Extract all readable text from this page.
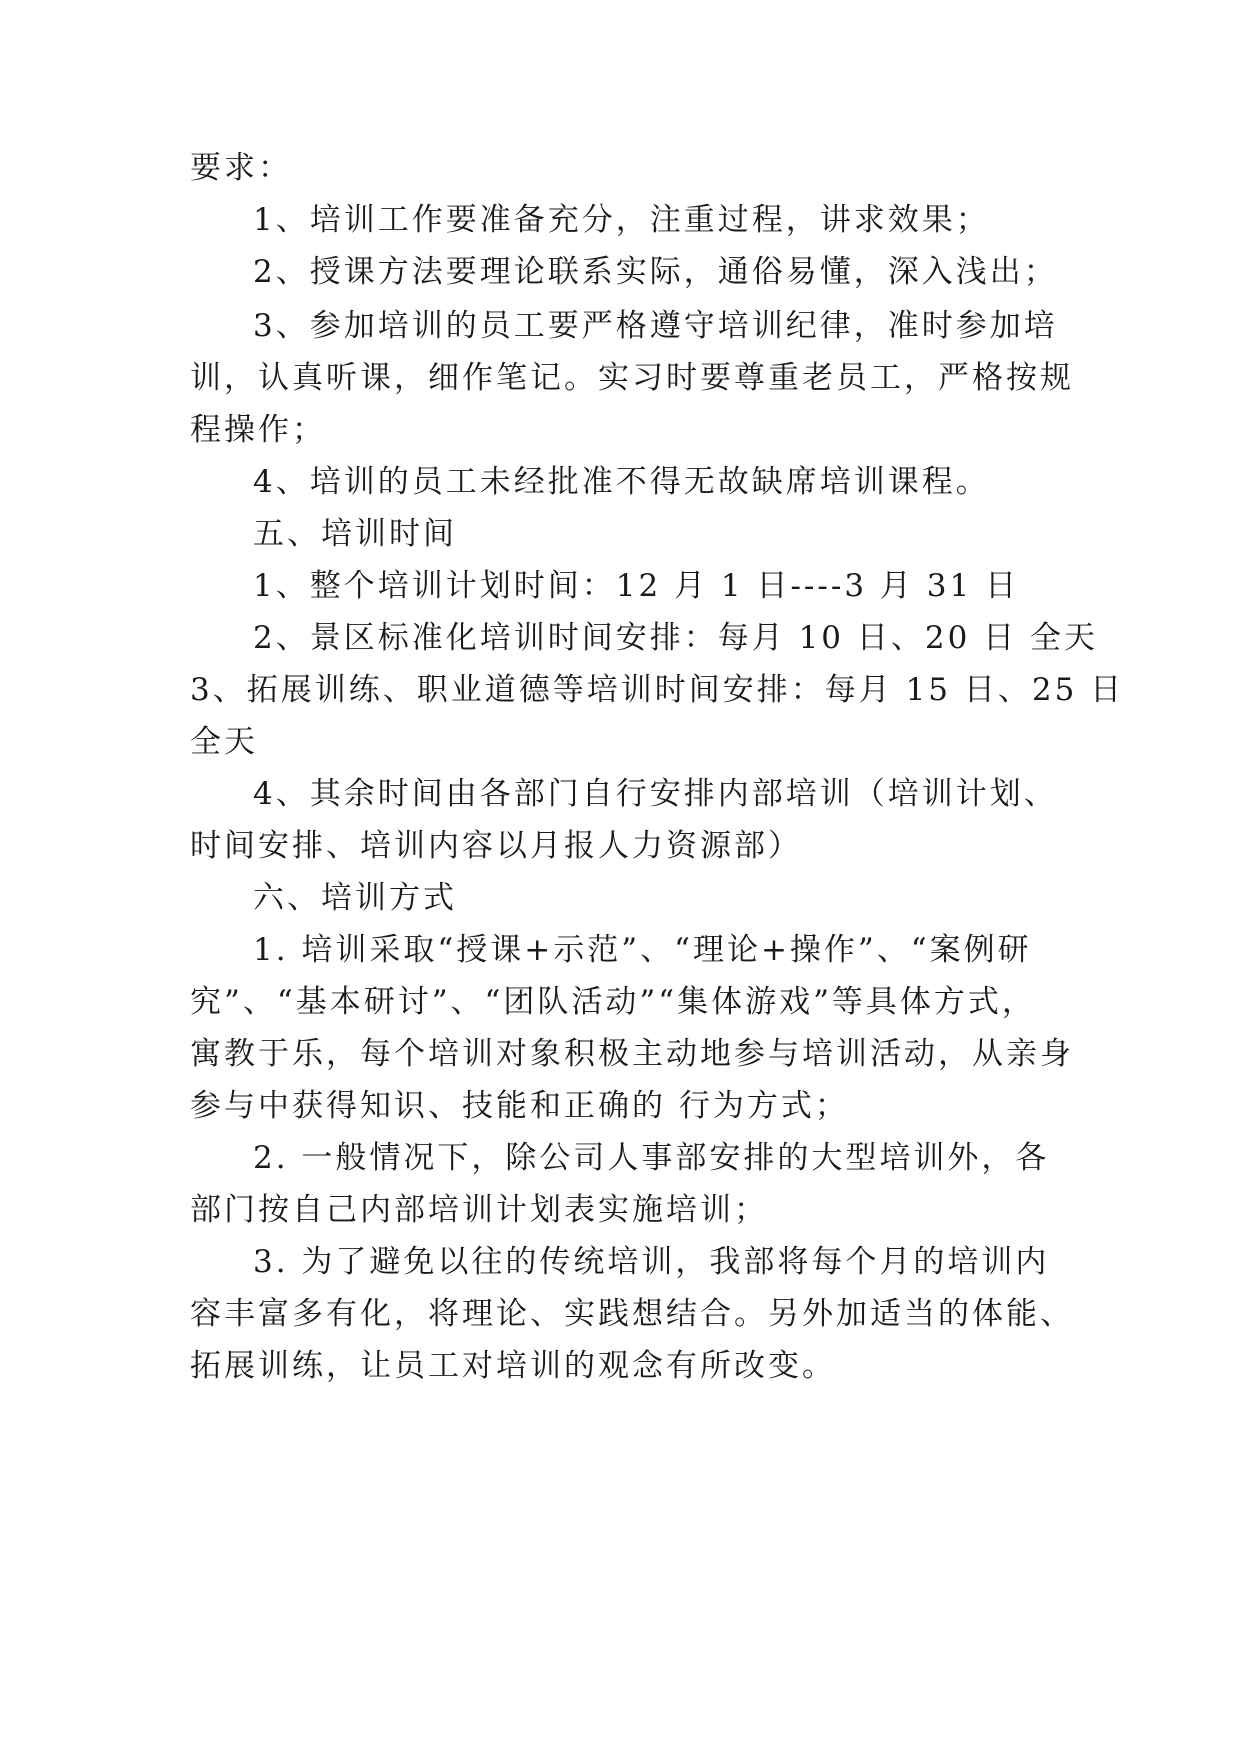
要求：
1、培训工作要准备充分，注重过程，讲求效果；
2、授课方法要理论联系实际，通俗易懂，深入浅出；
3、参加培训的员工要严格遵守培训纪律，准时参加培
训，认真听课，细作笔记。实习时要尊重老员工，严格按规
程操作；
4、培训的员工未经批准不得无故缺席培训课程。
五、培训时间
1、整个培训计划时间：12 月 1 日----3 月 31 日
2、景区标准化培训时间安排：每月 10 日、20 日 全天
3、拓展训练、职业道德等培训时间安排：每月 15 日、25 日
全天
4、其余时间由各部门自行安排内部培训（培训计划、
时间安排、培训内容以月报人力资源部）
六、培训方式
1. 培训采取“授课+示范”、“理论+操作”、“案例研
究”、“基本研讨”、“团队活动”“集体游戏”等具体方式，
寓教于乐，每个培训对象积极主动地参与培训活动，从亲身
参与中获得知识、技能和正确的 行为方式；
2. 一般情况下，除公司人事部安排的大型培训外，各
部门按自己内部培训计划表实施培训；
3. 为了避免以往的传统培训，我部将每个月的培训内
容丰富多有化，将理论、实践想结合。另外加适当的体能、
拓展训练，让员工对培训的观念有所改变。
